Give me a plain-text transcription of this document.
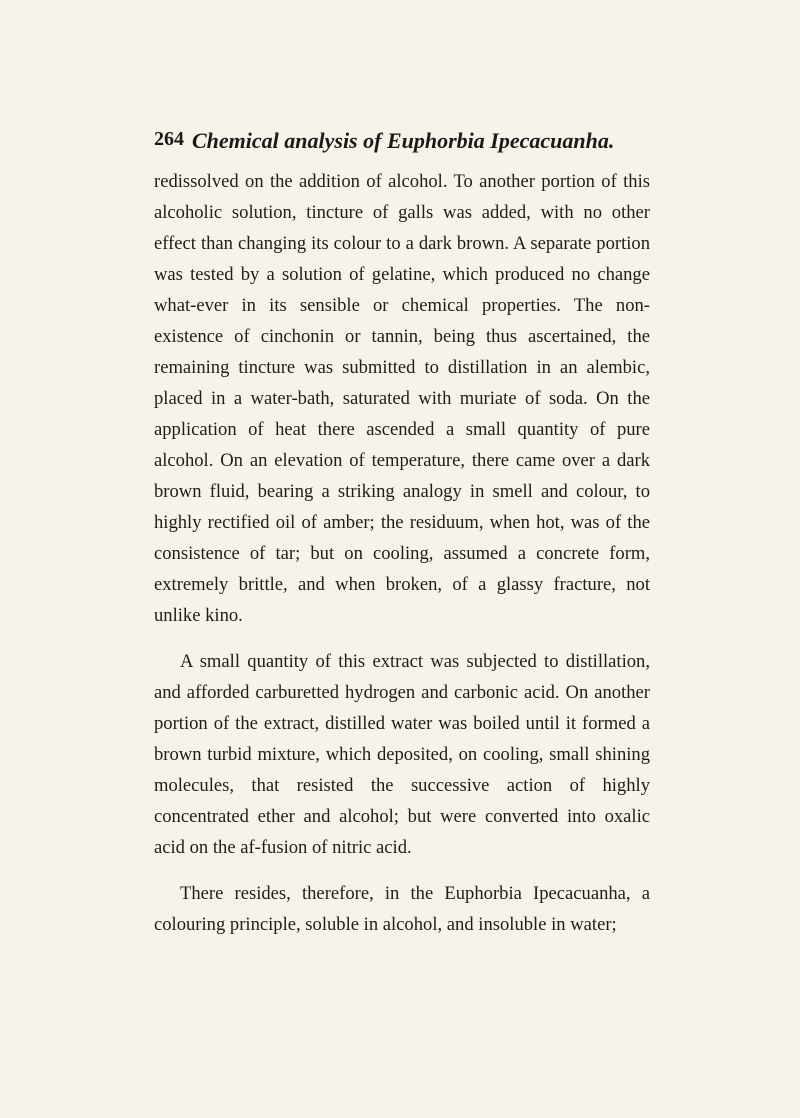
264 Chemical analysis of Euphorbia Ipecacuanha.

redissolved on the addition of alcohol. To another portion of this alcoholic solution, tincture of galls was added, with no other effect than changing its colour to a dark brown. A separate portion was tested by a solution of gelatine, which produced no change what-ever in its sensible or chemical properties. The non-existence of cinchonin or tannin, being thus ascertained, the remaining tincture was submitted to distillation in an alembic, placed in a water-bath, saturated with muriate of soda. On the application of heat there ascended a small quantity of pure alcohol. On an elevation of temperature, there came over a dark brown fluid, bearing a striking analogy in smell and colour, to highly rectified oil of amber; the residuum, when hot, was of the consistence of tar; but on cooling, assumed a concrete form, extremely brittle, and when broken, of a glassy fracture, not unlike kino.

A small quantity of this extract was subjected to distillation, and afforded carburetted hydrogen and carbonic acid. On another portion of the extract, distilled water was boiled until it formed a brown turbid mixture, which deposited, on cooling, small shining molecules, that resisted the successive action of highly concentrated ether and alcohol; but were converted into oxalic acid on the af-fusion of nitric acid.

There resides, therefore, in the Euphorbia Ipecacuanha, a colouring principle, soluble in alcohol, and insoluble in water;
